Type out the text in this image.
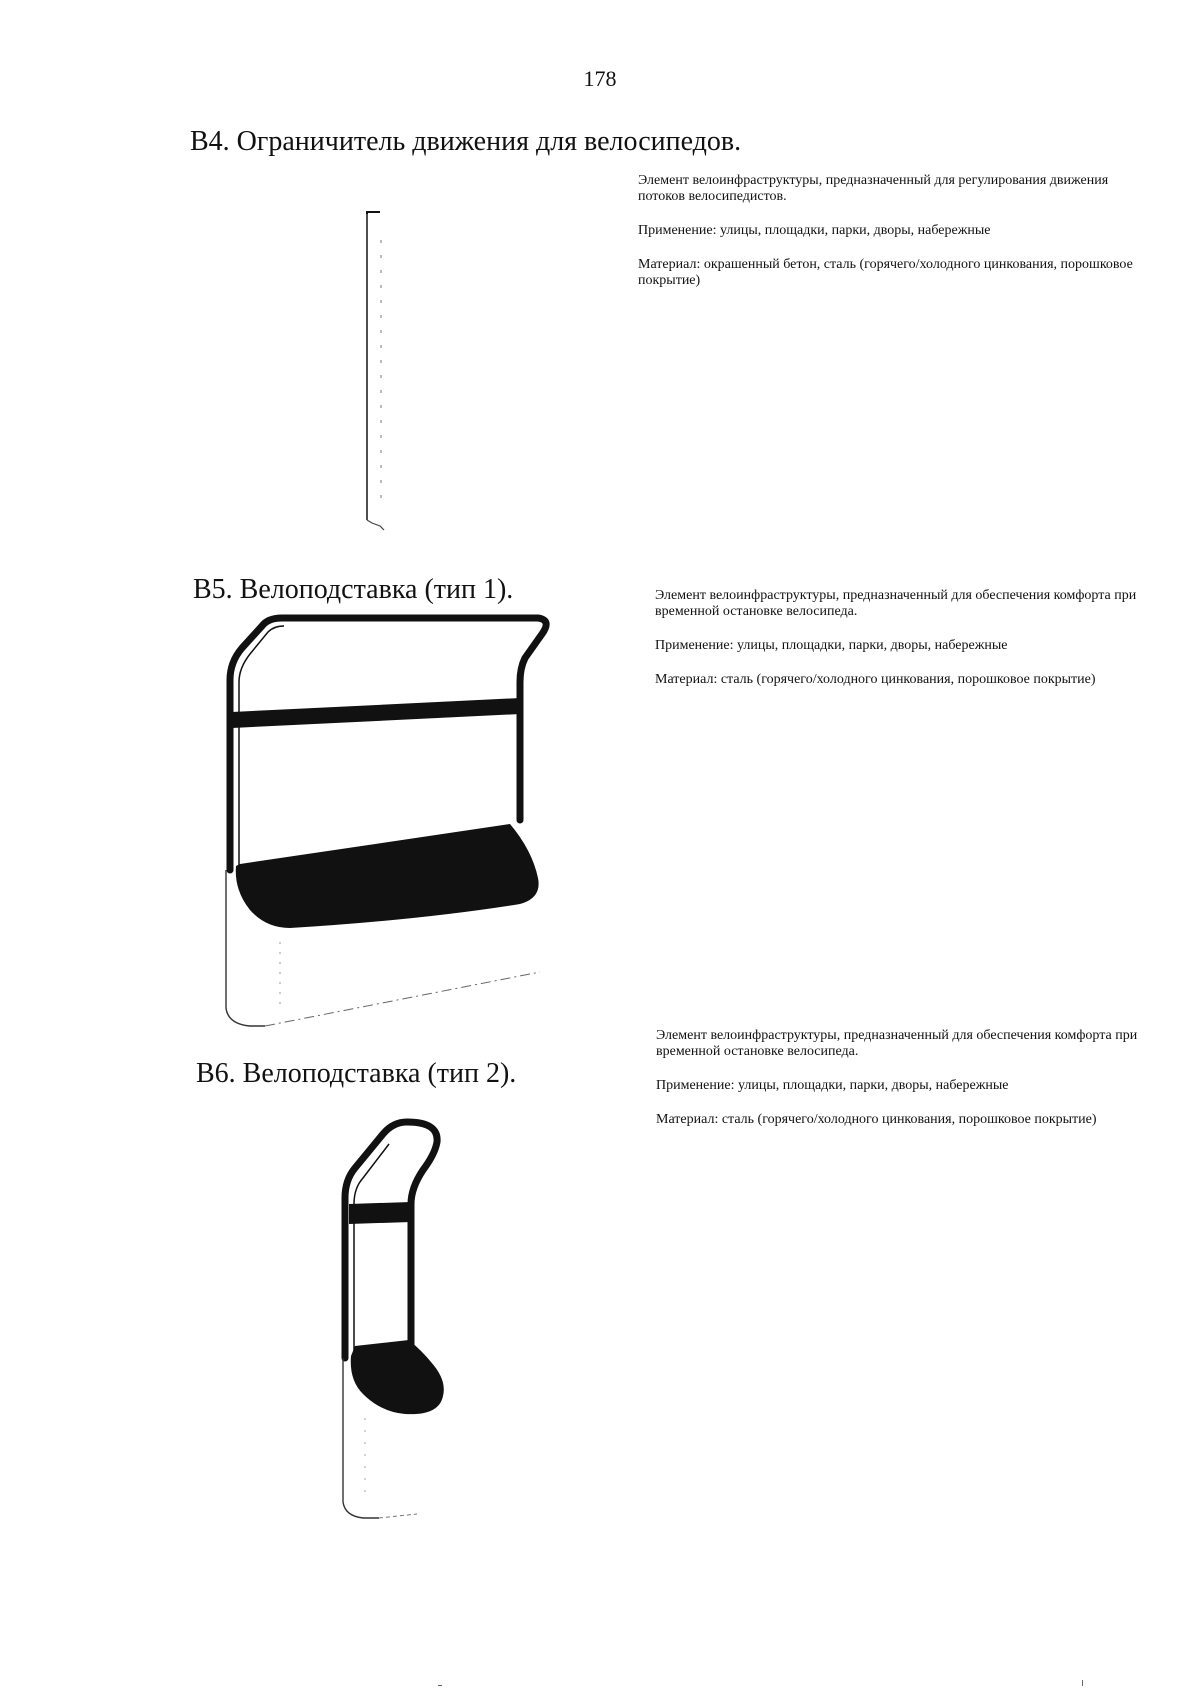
178
В4. Ограничитель движения для велосипедов.

Элемент велоинфраструктуры, предназначенный для регулирования движения потоков велосипедистов.

Применение: улицы, площадки, парки, дворы, набережные

Материал: окрашенный бетон, сталь (горячего/холодного цинкования, порошковое покрытие)

В5. Велоподставка (тип 1).	Элемент велоинфраструктуры, предназначенный для обеспечения комфорта при временной остановке велосипеда.

Применение: улицы, площадки, парки, дворы, набережные

Материал: сталь (горячего/холодного цинкования, порошковое покрытие)

В6. Велоподставка (тип 2).

Элемент велоинфраструктуры, предназначенный для обеспечения комфорта при временной остановке велосипеда.

Применение: улицы, площадки, парки, дворы, набережные

Материал: сталь (горячего/холодного цинкования, порошковое покрытие)
